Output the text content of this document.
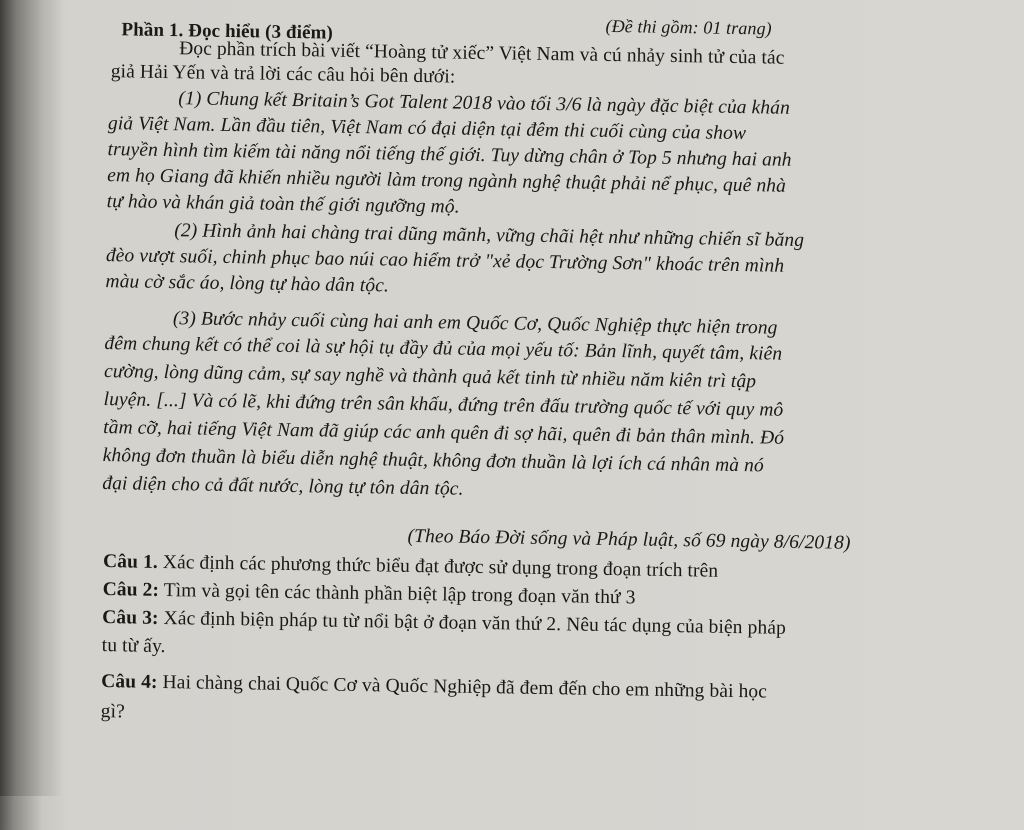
(Đề thi gồm: 01 trang)
Phần 1. Đọc hiểu (3 điểm)
Đọc phần trích bài viết “Hoàng tử xiếc” Việt Nam và cú nhảy sinh tử của tác
giả Hải Yến và trả lời các câu hỏi bên dưới:
(1) Chung kết Britain’s Got Talent 2018 vào tối 3/6 là ngày đặc biệt của khán
giả Việt Nam. Lần đầu tiên, Việt Nam có đại diện tại đêm thi cuối cùng của show
truyền hình tìm kiếm tài năng nổi tiếng thế giới. Tuy dừng chân ở Top 5 nhưng hai anh
em họ Giang đã khiến nhiều người làm trong ngành nghệ thuật phải nể phục, quê nhà
tự hào và khán giả toàn thế giới ngưỡng mộ.
(2) Hình ảnh hai chàng trai dũng mãnh, vững chãi hệt như những chiến sĩ băng
đèo vượt suối, chinh phục bao núi cao hiểm trở "xẻ dọc Trường Sơn" khoác trên mình
màu cờ sắc áo, lòng tự hào dân tộc.
(3) Bước nhảy cuối cùng hai anh em Quốc Cơ, Quốc Nghiệp thực hiện trong
đêm chung kết có thể coi là sự hội tụ đầy đủ của mọi yếu tố: Bản lĩnh, quyết tâm, kiên
cường, lòng dũng cảm, sự say nghề và thành quả kết tinh từ nhiều năm kiên trì tập
luyện. [...] Và có lẽ, khi đứng trên sân khấu, đứng trên đấu trường quốc tế với quy mô
tầm cỡ, hai tiếng Việt Nam đã giúp các anh quên đi sợ hãi, quên đi bản thân mình. Đó
không đơn thuần là biểu diễn nghệ thuật, không đơn thuần là lợi ích cá nhân mà nó
đại diện cho cả đất nước, lòng tự tôn dân tộc.
(Theo Báo Đời sống và Pháp luật, số 69 ngày 8/6/2018)
Câu 1. Xác định các phương thức biểu đạt được sử dụng trong đoạn trích trên
Câu 2: Tìm và gọi tên các thành phần biệt lập trong đoạn văn thứ 3
Câu 3: Xác định biện pháp tu từ nổi bật ở đoạn văn thứ 2. Nêu tác dụng của biện pháp
tu từ ấy.
Câu 4: Hai chàng chai Quốc Cơ và Quốc Nghiệp đã đem đến cho em những bài học
gì?
